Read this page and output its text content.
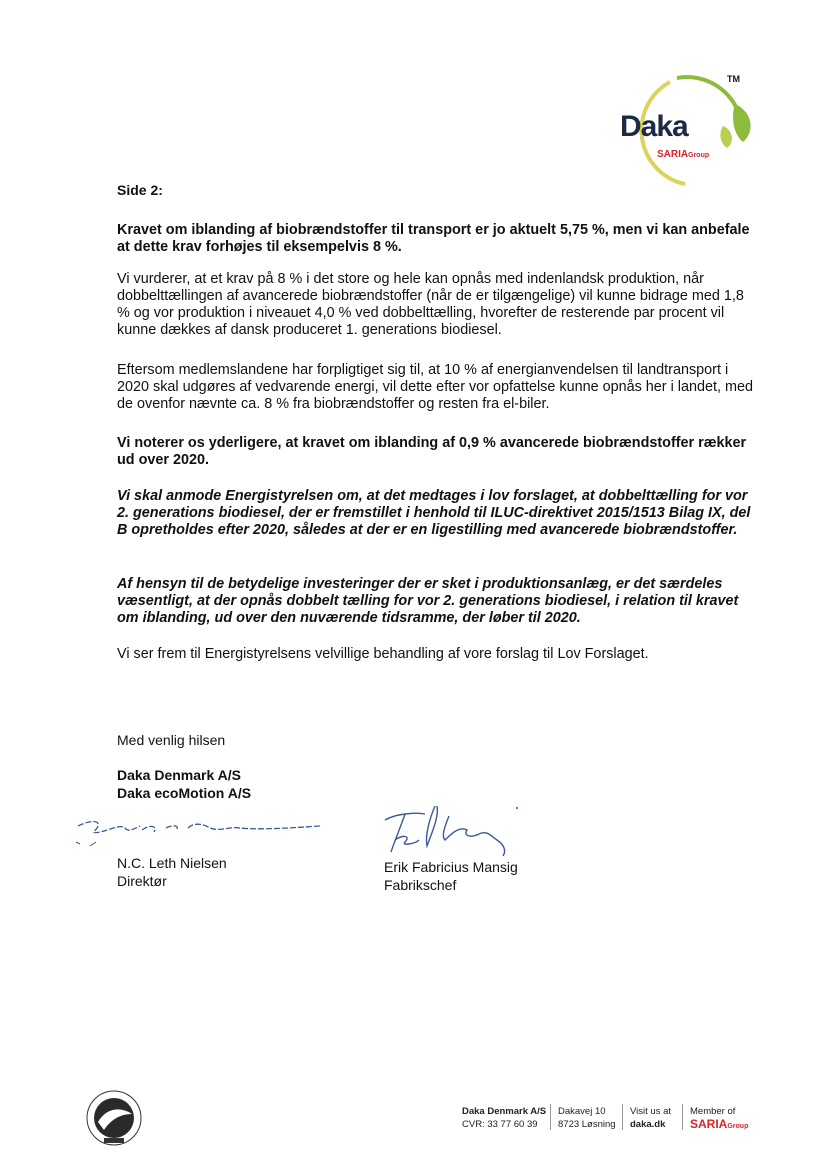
TM
Daka
SARIAGroup
Side 2:
Kravet om iblanding af biobrændstoffer til transport er jo aktuelt 5,75 %, men vi kan anbefale at dette krav forhøjes til eksempelvis 8 %.
Vi vurderer, at et krav på 8 % i det store og hele kan opnås med indenlandsk produktion, når dobbelttællingen af avancerede biobrændstoffer (når de er tilgængelige) vil kunne bidrage med 1,8 % og vor produktion i niveauet 4,0 % ved dobbelttælling, hvorefter de resterende par procent vil kunne dækkes af dansk produceret 1. generations biodiesel.
Eftersom medlemslandene har forpligtiget sig til, at 10 % af energianvendelsen til landtransport i 2020 skal udgøres af vedvarende energi, vil dette efter vor opfattelse kunne opnås her i landet, med de ovenfor nævnte ca. 8 % fra biobrændstoffer og resten fra el-biler.
Vi noterer os yderligere, at kravet om iblanding af 0,9 % avancerede biobrændstoffer rækker ud over 2020.
Vi skal anmode Energistyrelsen om, at det medtages i lov forslaget, at dobbelttælling for vor 2. generations biodiesel, der er fremstillet i henhold til ILUC-direktivet 2015/1513 Bilag IX, del B opretholdes efter 2020, således at der er en ligestilling med avancerede biobrændstoffer.
Af hensyn til de betydelige investeringer der er sket i produktionsanlæg, er det særdeles væsentligt, at der opnås dobbelt tælling for vor 2. generations biodiesel, i relation til kravet om iblanding, ud over den nuværende tidsramme, der løber til 2020.
Vi ser frem til Energistyrelsens velvillige behandling af vore forslag til Lov Forslaget.
Med venlig hilsen
Daka Denmark A/S
Daka ecoMotion A/S
N.C. Leth Nielsen
Direktør
Erik Fabricius Mansig
Fabrikschef
Daka Denmark A/S
CVR: 33 77 60 39
Dakavej 10
8723 Løsning
Visit us at
daka.dk
Member of
SARIAGroup
